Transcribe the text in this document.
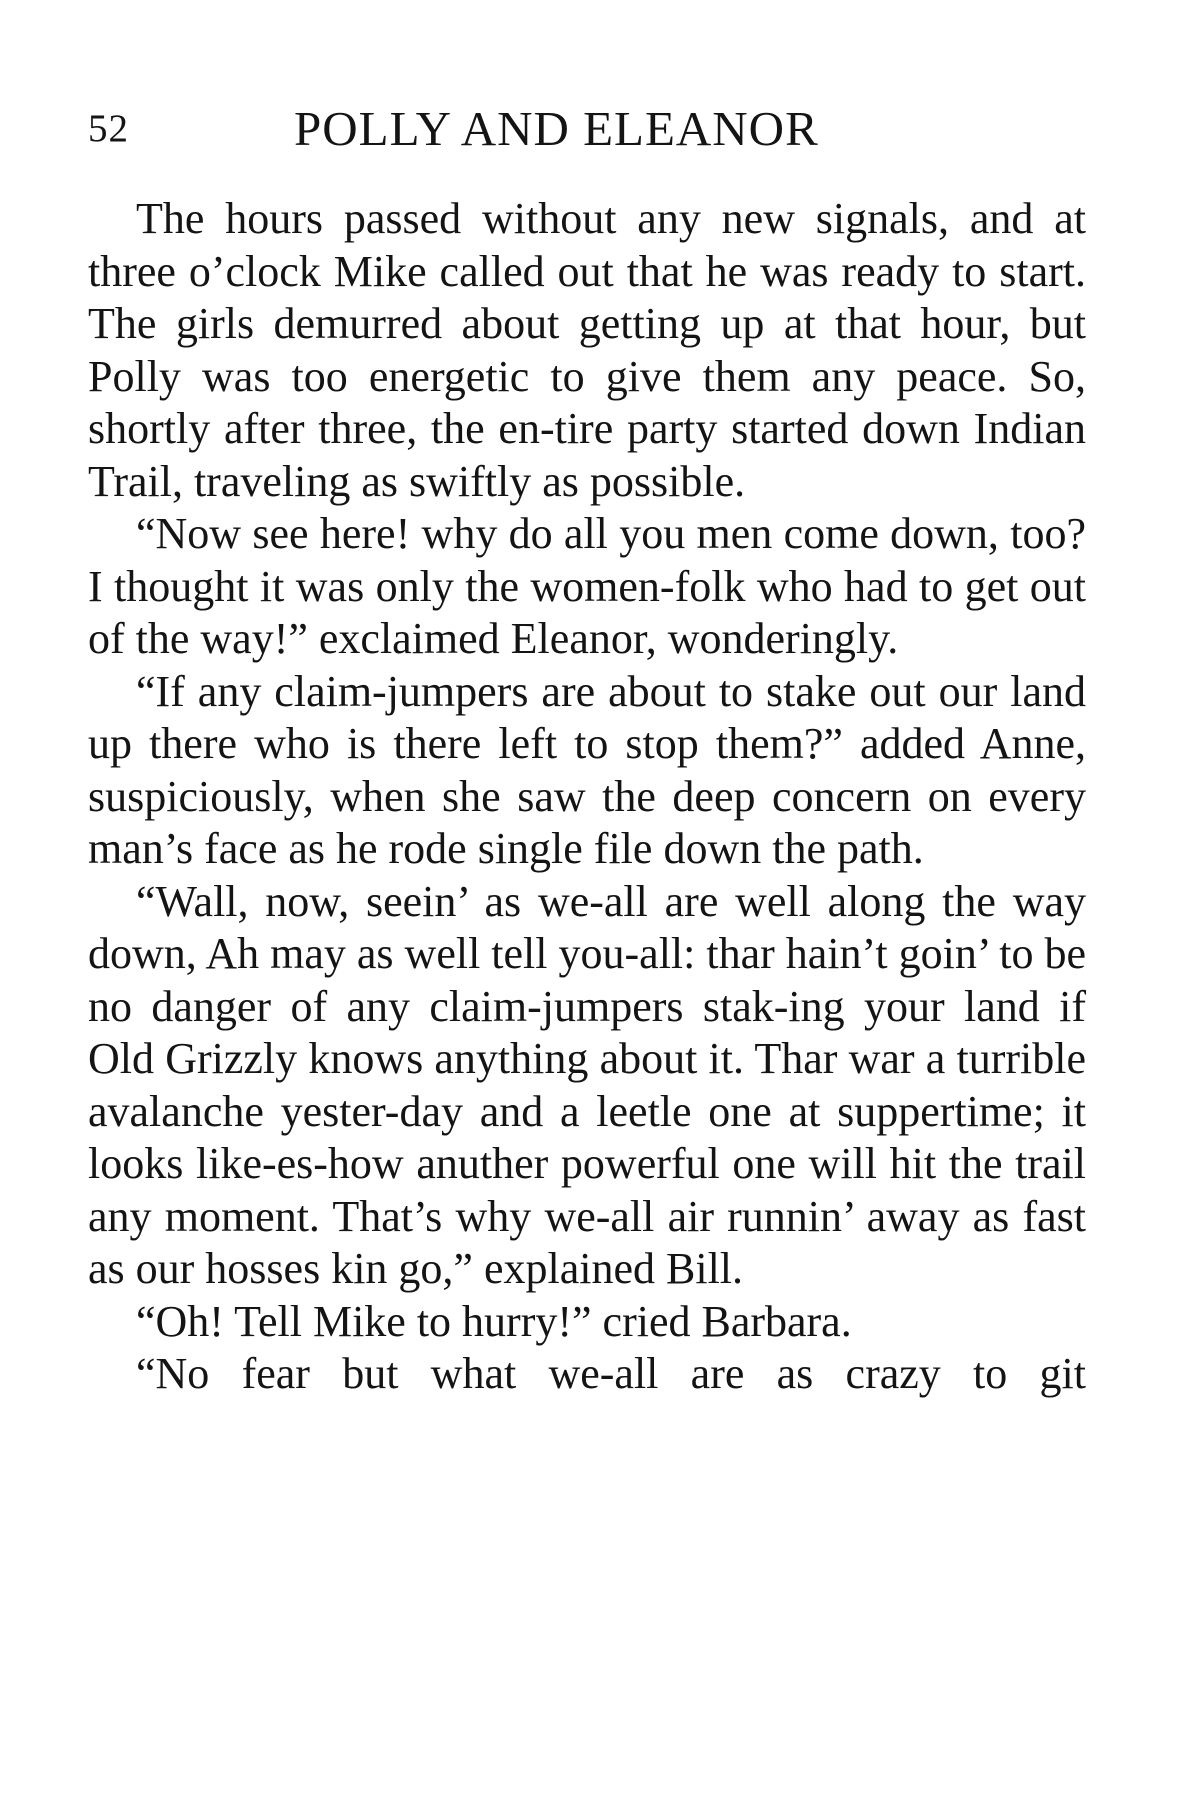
52	POLLY AND ELEANOR

The hours passed without any new signals, and at three o’clock Mike called out that he was ready to start. The girls demurred about getting up at that hour, but Polly was too energetic to give them any peace. So, shortly after three, the en-tire party started down Indian Trail, traveling as swiftly as possible.

“Now see here! why do all you men come down, too? I thought it was only the women-folk who had to get out of the way!” exclaimed Eleanor, wonderingly.

“If any claim-jumpers are about to stake out our land up there who is there left to stop them?” added Anne, suspiciously, when she saw the deep concern on every man’s face as he rode single file down the path.

“Wall, now, seein’ as we-all are well along the way down, Ah may as well tell you-all: thar hain’t goin’ to be no danger of any claim-jumpers stak-ing your land if Old Grizzly knows anything about it. Thar war a turrible avalanche yester-day and a leetle one at suppertime; it looks like-es-how anuther powerful one will hit the trail any moment. That’s why we-all air runnin’ away as fast as our hosses kin go,” explained Bill.

“Oh! Tell Mike to hurry!” cried Barbara.

“No fear but what we-all are as crazy to git
